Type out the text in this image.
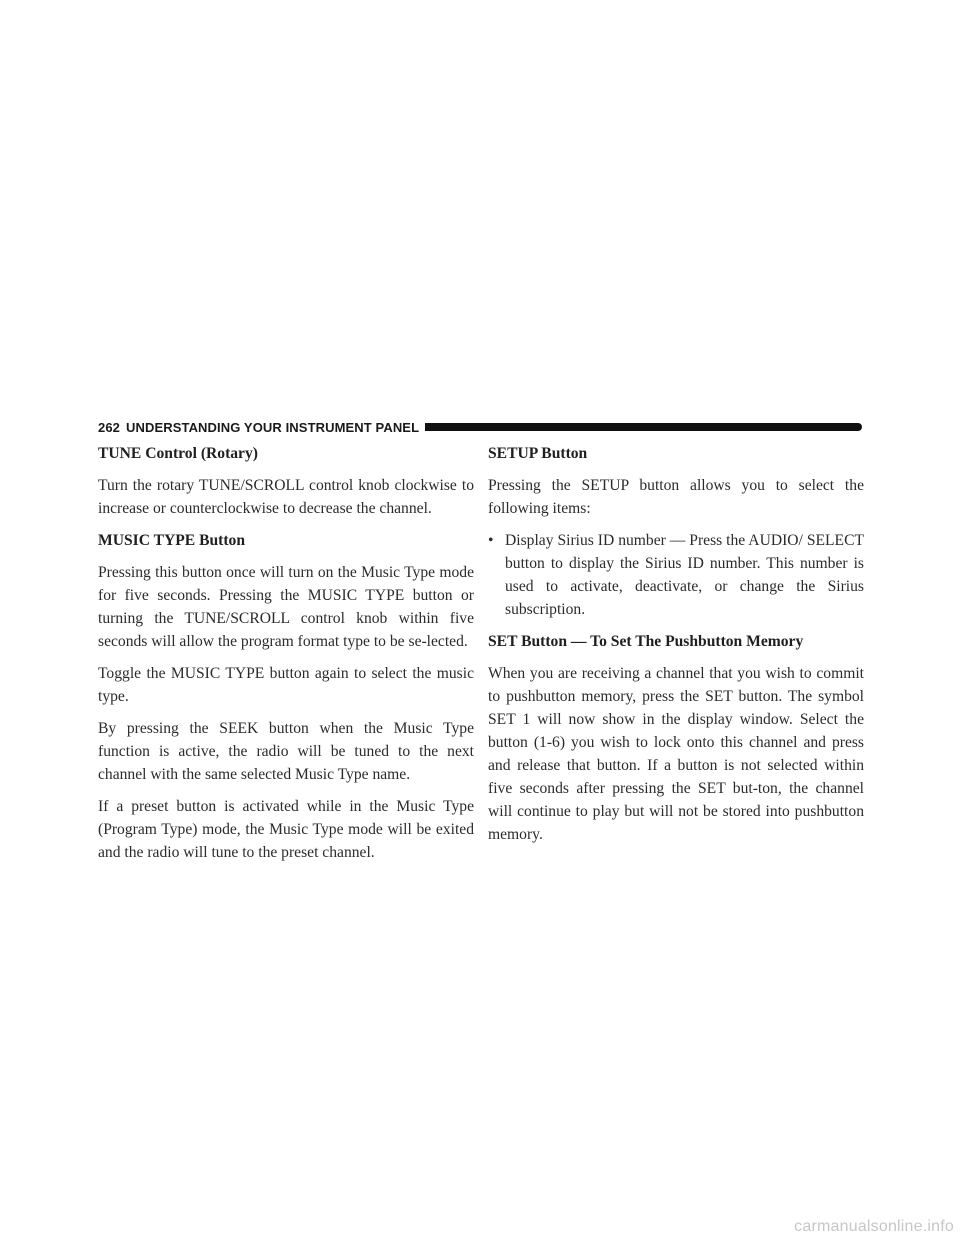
262 UNDERSTANDING YOUR INSTRUMENT PANEL
TUNE Control (Rotary)

Turn the rotary TUNE/SCROLL control knob clockwise to increase or counterclockwise to decrease the channel.

MUSIC TYPE Button

Pressing this button once will turn on the Music Type mode for five seconds. Pressing the MUSIC TYPE button or turning the TUNE/SCROLL control knob within five seconds will allow the program format type to be se-lected.

Toggle the MUSIC TYPE button again to select the music type.

By pressing the SEEK button when the Music Type function is active, the radio will be tuned to the next channel with the same selected Music Type name.

If a preset button is activated while in the Music Type (Program Type) mode, the Music Type mode will be exited and the radio will tune to the preset channel.

SETUP Button

Pressing the SETUP button allows you to select the following items:

• Display Sirius ID number — Press the AUDIO/ SELECT button to display the Sirius ID number. This number is used to activate, deactivate, or change the Sirius subscription.
SET Button — To Set The Pushbutton Memory

When you are receiving a channel that you wish to commit to pushbutton memory, press the SET button. The symbol SET 1 will now show in the display window. Select the button (1-6) you wish to lock onto this channel and press and release that button. If a button is not selected within five seconds after pressing the SET but-ton, the channel will continue to play but will not be stored into pushbutton memory.

carmanualsonline.info
